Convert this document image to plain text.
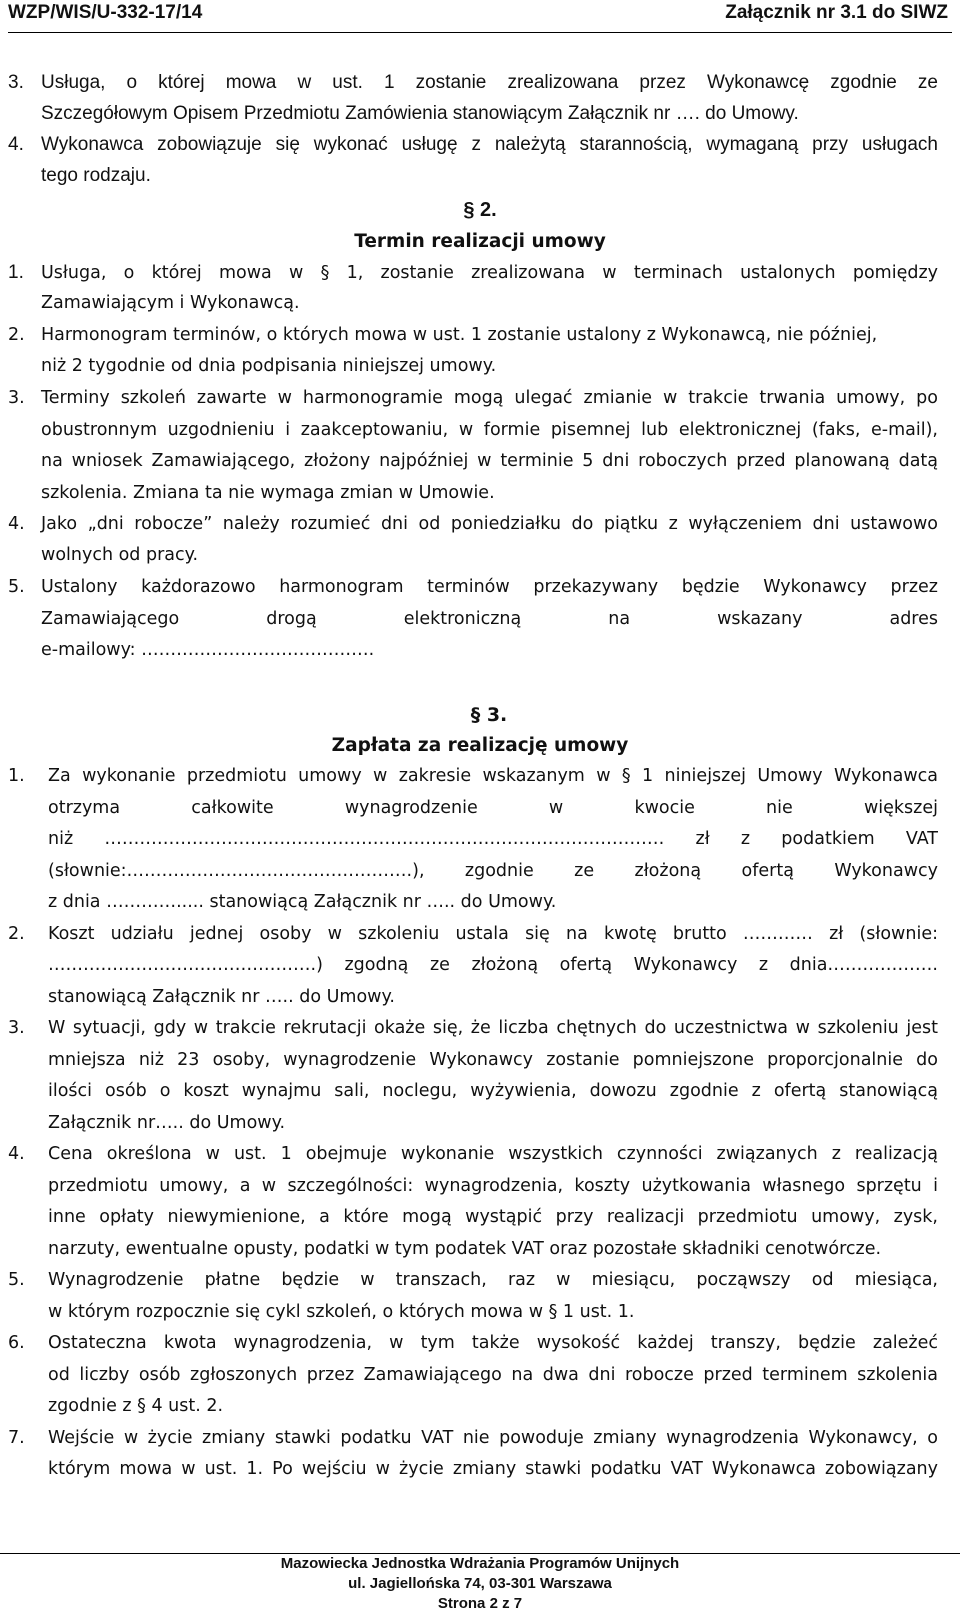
WZP/WIS/U-332-17/14	Załącznik nr 3.1 do SIWZ
3. Usługa, o której mowa w ust. 1 zostanie zrealizowana przez Wykonawcę zgodnie ze
Szczegółowym Opisem Przedmiotu Zamówienia stanowiącym Załącznik nr …. do Umowy.
4. Wykonawca zobowiązuje się wykonać usługę z należytą starannością, wymaganą przy usługach
tego rodzaju.
§ 2.
Termin realizacji umowy
1. Usługa, o której mowa w § 1, zostanie zrealizowana w terminach ustalonych pomiędzy
Zamawiającym i Wykonawcą.
2. Harmonogram terminów, o których mowa w ust. 1 zostanie ustalony z Wykonawcą, nie później,
niż 2 tygodnie od dnia podpisania niniejszej umowy.
3. Terminy szkoleń zawarte w harmonogramie mogą ulegać zmianie w trakcie trwania umowy, po
obustronnym uzgodnieniu i zaakceptowaniu, w formie pisemnej lub elektronicznej (faks, e-mail),
na wniosek Zamawiającego, złożony najpóźniej w terminie 5 dni roboczych przed planowaną datą
szkolenia. Zmiana ta nie wymaga zmian w Umowie.
4. Jako „dni robocze” należy rozumieć dni od poniedziałku do piątku z wyłączeniem dni ustawowo
wolnych od pracy.
5. Ustalony każdorazowo harmonogram terminów przekazywany będzie Wykonawcy przez
Zamawiającego drogą elektroniczną na wskazany adres
e-mailowy: ………………………………….
§ 3.
Zapłata za realizację umowy
1. Za wykonanie przedmiotu umowy w zakresie wskazanym w § 1 niniejszej Umowy Wykonawca
otrzyma całkowite wynagrodzenie w kwocie nie większej
niż …………………………………………………………………………………… zł z podatkiem VAT
(słownie:………………………………………….), zgodnie ze złożoną ofertą Wykonawcy
z dnia …………..... stanowiącą Załącznik nr ….. do Umowy.
2. Koszt udziału jednej osoby w szkoleniu ustala się na kwotę brutto ………… zł (słownie:
……………………………………….) zgodną ze złożoną ofertą Wykonawcy z dnia……………….
stanowiącą Załącznik nr ….. do Umowy.
3. W sytuacji, gdy w trakcie rekrutacji okaże się, że liczba chętnych do uczestnictwa w szkoleniu jest
mniejsza niż 23 osoby, wynagrodzenie Wykonawcy zostanie pomniejszone proporcjonalnie do
ilości osób o koszt wynajmu sali, noclegu, wyżywienia, dowozu zgodnie z ofertą stanowiącą
Załącznik nr….. do Umowy.
4. Cena określona w ust. 1 obejmuje wykonanie wszystkich czynności związanych z realizacją
przedmiotu umowy, a w szczególności: wynagrodzenia, koszty użytkowania własnego sprzętu i
inne opłaty niewymienione, a które mogą wystąpić przy realizacji przedmiotu umowy, zysk,
narzuty, ewentualne opusty, podatki w tym podatek VAT oraz pozostałe składniki cenotwórcze.
5. Wynagrodzenie płatne będzie w transzach, raz w miesiącu, począwszy od miesiąca,
w którym rozpocznie się cykl szkoleń, o których mowa w § 1 ust. 1.
6. Ostateczna kwota wynagrodzenia, w tym także wysokość każdej transzy, będzie zależeć
od liczby osób zgłoszonych przez Zamawiającego na dwa dni robocze przed terminem szkolenia
zgodnie z § 4 ust. 2.
7. Wejście w życie zmiany stawki podatku VAT nie powoduje zmiany wynagrodzenia Wykonawcy, o
którym mowa w ust. 1. Po wejściu w życie zmiany stawki podatku VAT Wykonawca zobowiązany
Mazowiecka Jednostka Wdrażania Programów Unijnych
ul. Jagiellońska 74, 03-301 Warszawa
Strona 2 z 7
